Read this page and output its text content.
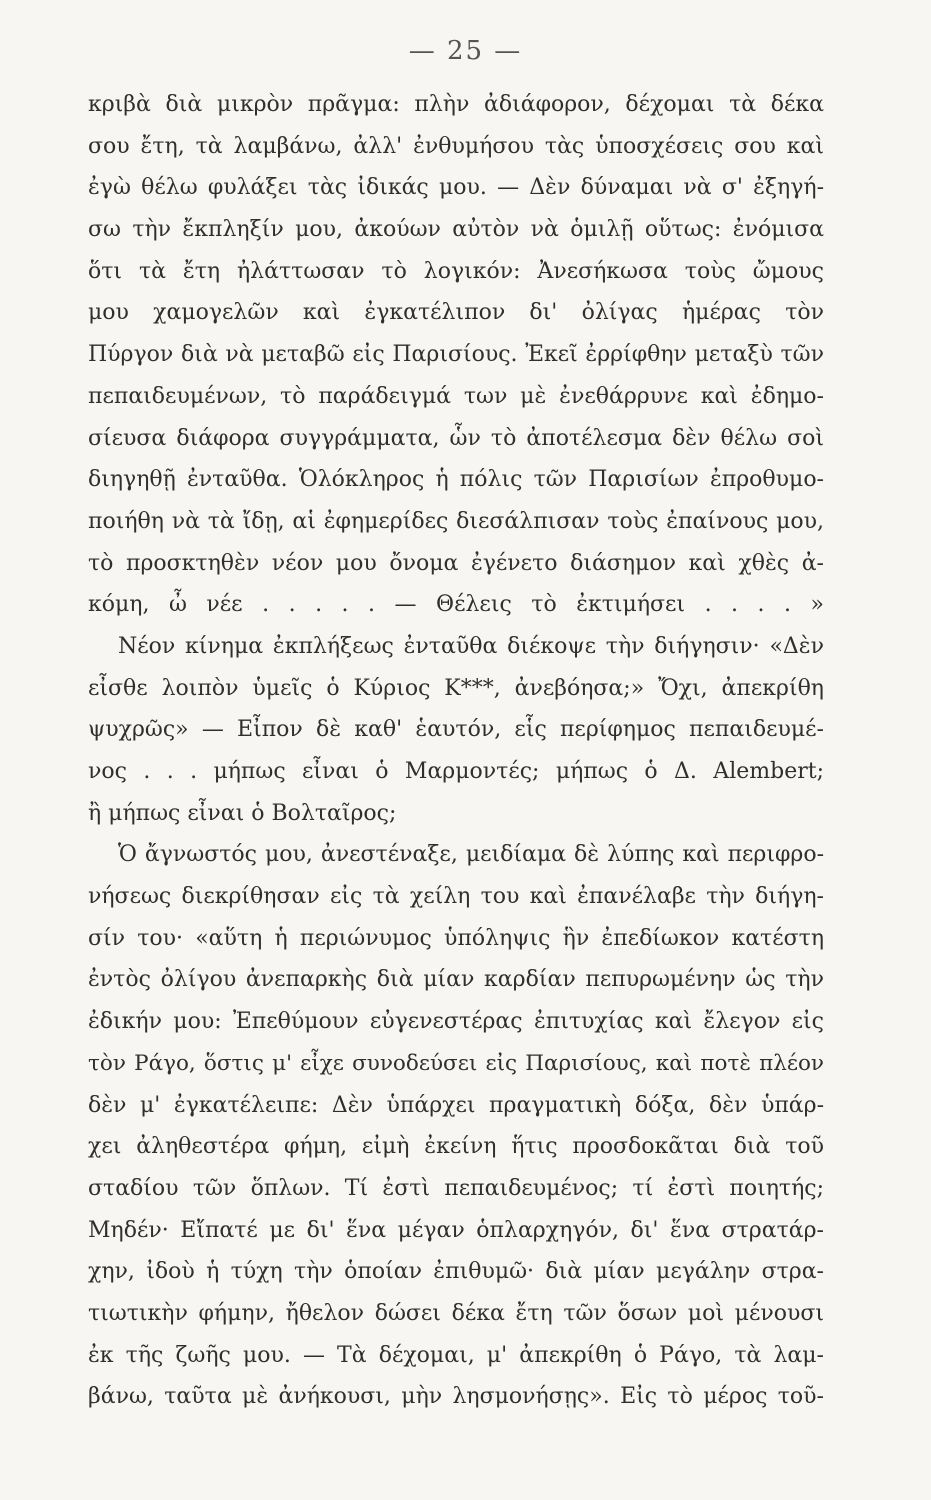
— 25 —
κριβὰ διὰ μικρὸν πρᾶγμα: πλὴν ἀδιάφορον, δέχομαι τὰ δέκα
σου ἔτη, τὰ λαμβάνω, ἀλλ' ἐνθυμήσου τὰς ὑποσχέσεις σου καὶ
ἐγὼ θέλω φυλάξει τὰς ἰδικάς μου. — Δὲν δύναμαι νὰ σ' ἐξηγή-
σω τὴν ἔκπληξίν μου, ἀκούων αὐτὸν νὰ ὁμιλῇ οὕτως: ἐνόμισα
ὅτι τὰ ἔτη ἠλάττωσαν τὸ λογικόν: Ἀνεσήκωσα τοὺς ὤμους
μου χαμογελῶν καὶ ἐγκατέλιπον δι' ὀλίγας ἡμέρας τὸν
Πύργον διὰ νὰ μεταβῶ εἰς Παρισίους. Ἐκεῖ ἐρρίφθην μεταξὺ τῶν
πεπαιδευμένων, τὸ παράδειγμά των μὲ ἐνεθάρρυνε καὶ ἐδημο-
σίευσα διάφορα συγγράμματα, ὧν τὸ ἀποτέλεσμα δὲν θέλω σοὶ
διηγηθῇ ἐνταῦθα. Ὁλόκληρος ἡ πόλις τῶν Παρισίων ἐπροθυμο-
ποιήθη νὰ τὰ ἴδῃ, αἱ ἐφημερίδες διεσάλπισαν τοὺς ἐπαίνους μου,
τὸ προσκτηθὲν νέον μου ὄνομα ἐγένετο διάσημον καὶ χθὲς ἀ-
κόμη, ὦ νέε . . . . . — Θέλεις τὸ ἐκτιμήσει . . . . »
Νέον κίνημα ἐκπλήξεως ἐνταῦθα διέκοψε τὴν διήγησιν· «Δὲν
εἶσθε λοιπὸν ὑμεῖς ὁ Κύριος K***, ἀνεβόησα;» Ὄχι, ἀπεκρίθη
ψυχρῶς» — Εἶπον δὲ καθ' ἑαυτόν, εἷς περίφημος πεπαιδευμέ-
νος . . . μήπως εἶναι ὁ Μαρμοντές; μήπως ὁ Δ. Alembert;
ἢ μήπως εἶναι ὁ Βολταῖρος;
Ὁ ἄγνωστός μου, ἀνεστέναξε, μειδίαμα δὲ λύπης καὶ περιφρο-
νήσεως διεκρίθησαν εἰς τὰ χείλη του καὶ ἐπανέλαβε τὴν διήγη-
σίν του· «αὕτη ἡ περιώνυμος ὑπόληψις ἣν ἐπεδίωκον κατέστη
ἐντὸς ὀλίγου ἀνεπαρκὴς διὰ μίαν καρδίαν πεπυρωμένην ὡς τὴν
ἐδικήν μου: Ἐπεθύμουν εὐγενεστέρας ἐπιτυχίας καὶ ἔλεγον εἰς
τὸν Ράγο, ὅστις μ' εἶχε συνοδεύσει εἰς Παρισίους, καὶ ποτὲ πλέον
δὲν μ' ἐγκατέλειπε: Δὲν ὑπάρχει πραγματικὴ δόξα, δὲν ὑπάρ-
χει ἀληθεστέρα φήμη, εἰμὴ ἐκείνη ἥτις προσδοκᾶται διὰ τοῦ
σταδίου τῶν ὅπλων. Τί ἐστὶ πεπαιδευμένος; τί ἐστὶ ποιητής;
Μηδέν· Εἴπατέ με δι' ἕνα μέγαν ὁπλαρχηγόν, δι' ἕνα στρατάρ-
χην, ἰδοὺ ἡ τύχη τὴν ὁποίαν ἐπιθυμῶ· διὰ μίαν μεγάλην στρα-
τιωτικὴν φήμην, ἤθελον δώσει δέκα ἔτη τῶν ὅσων μοὶ μένουσι
ἐκ τῆς ζωῆς μου. — Τὰ δέχομαι, μ' ἀπεκρίθη ὁ Ράγο, τὰ λαμ-
βάνω, ταῦτα μὲ ἀνήκουσι, μὴν λησμονήσῃς». Εἰς τὸ μέρος τοῦ-
